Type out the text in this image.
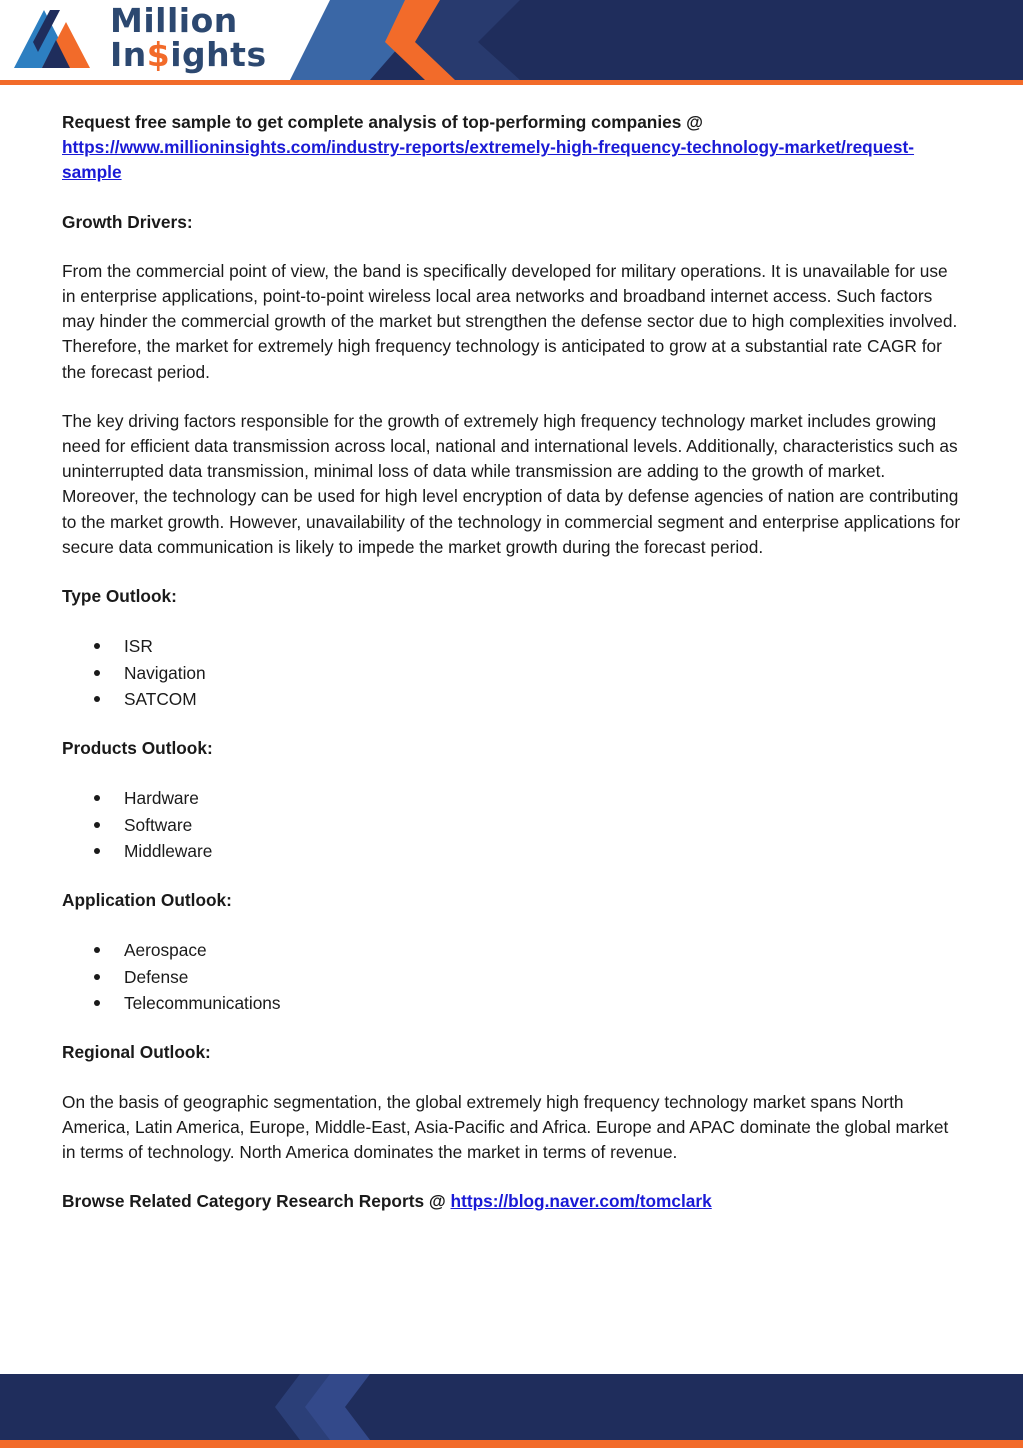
Million
In$ights

Request free sample to get complete analysis of top-performing companies @
https://www.millioninsights.com/industry-reports/extremely-high-frequency-technology-market/request-sample

Growth Drivers:

From the commercial point of view, the band is specifically developed for military operations. It is unavailable for use in enterprise applications, point-to-point wireless local area networks and broadband internet access. Such factors may hinder the commercial growth of the market but strengthen the defense sector due to high complexities involved. Therefore, the market for extremely high frequency technology is anticipated to grow at a substantial rate CAGR for the forecast period.

The key driving factors responsible for the growth of extremely high frequency technology market includes growing need for efficient data transmission across local, national and international levels. Additionally, characteristics such as uninterrupted data transmission, minimal loss of data while transmission are adding to the growth of market. Moreover, the technology can be used for high level encryption of data by defense agencies of nation are contributing to the market growth. However, unavailability of the technology in commercial segment and enterprise applications for secure data communication is likely to impede the market growth during the forecast period.

Type Outlook:
ISR
Navigation
SATCOM
Products Outlook:
Hardware
Software
Middleware
Application Outlook:
Aerospace
Defense
Telecommunications
Regional Outlook:

On the basis of geographic segmentation, the global extremely high frequency technology market spans North America, Latin America, Europe, Middle-East, Asia-Pacific and Africa. Europe and APAC dominate the global market in terms of technology. North America dominates the market in terms of revenue.

Browse Related Category Research Reports @ https://blog.naver.com/tomclark
